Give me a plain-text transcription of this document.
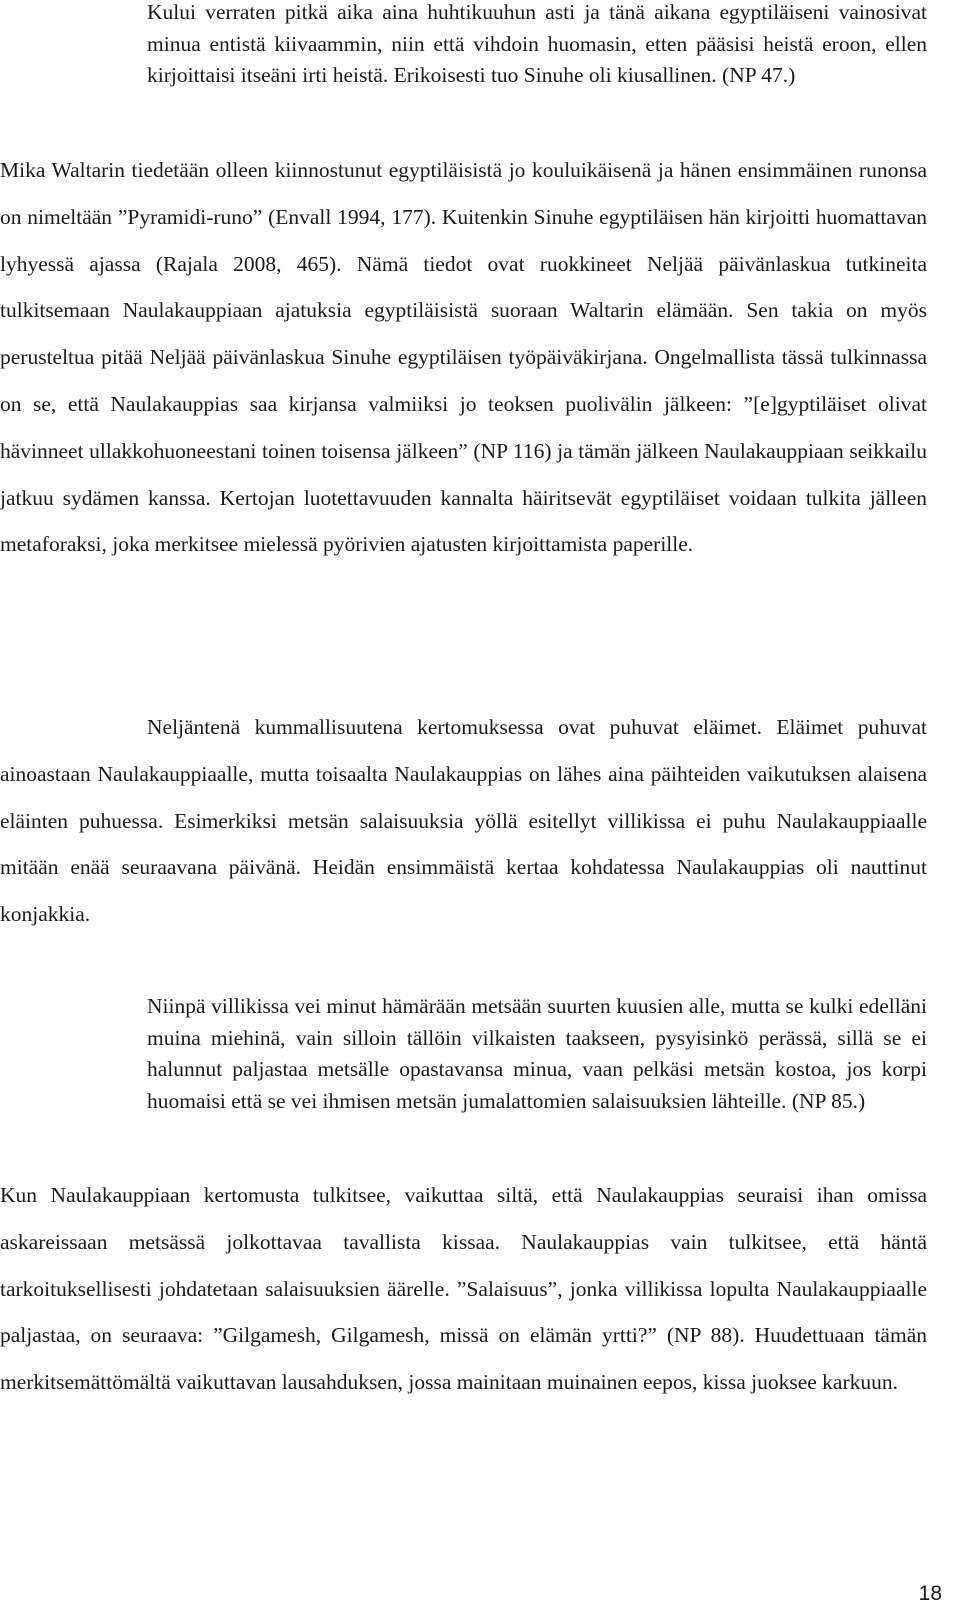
Kului verraten pitkä aika aina huhtikuuhun asti ja tänä aikana egyptiläiseni vainosivat minua entistä kiivaammin, niin että vihdoin huomasin, etten pääsisi heistä eroon, ellen kirjoittaisi itseäni irti heistä. Erikoisesti tuo Sinuhe oli kiusallinen. (NP 47.)

Mika Waltarin tiedetään olleen kiinnostunut egyptiläisistä jo kouluikäisenä ja hänen ensimmäinen runonsa on nimeltään ”Pyramidi-runo” (Envall 1994, 177). Kuitenkin Sinuhe egyptiläisen hän kirjoitti huomattavan lyhyessä ajassa (Rajala 2008, 465). Nämä tiedot ovat ruokkineet Neljää päivänlaskua tutkineita tulkitsemaan Naulakauppiaan ajatuksia egyptiläisistä suoraan Waltarin elämään. Sen takia on myös perusteltua pitää Neljää päivänlaskua Sinuhe egyptiläisen työpäiväkirjana. Ongelmallista tässä tulkinnassa on se, että Naulakauppias saa kirjansa valmiiksi jo teoksen puolivälin jälkeen: ”[e]gyptiläiset olivat hävinneet ullakkohuoneestani toinen toisensa jälkeen” (NP 116) ja tämän jälkeen Naulakauppiaan seikkailu jatkuu sydämen kanssa. Kertojan luotettavuuden kannalta häiritsevät egyptiläiset voidaan tulkita jälleen metaforaksi, joka merkitsee mielessä pyörivien ajatusten kirjoittamista paperille.

Neljäntenä kummallisuutena kertomuksessa ovat puhuvat eläimet. Eläimet puhuvat ainoastaan Naulakauppiaalle, mutta toisaalta Naulakauppias on lähes aina päihteiden vaikutuksen alaisena eläinten puhuessa. Esimerkiksi metsän salaisuuksia yöllä esitellyt villikissa ei puhu Naulakauppiaalle mitään enää seuraavana päivänä. Heidän ensimmäistä kertaa kohdatessa Naulakauppias oli nauttinut konjakkia.

Niinpä villikissa vei minut hämärään metsään suurten kuusien alle, mutta se kulki edelläni muina miehinä, vain silloin tällöin vilkaisten taakseen, pysyisinkö perässä, sillä se ei halunnut paljastaa metsälle opastavansa minua, vaan pelkäsi metsän kostoa, jos korpi huomaisi että se vei ihmisen metsän jumalattomien salaisuuksien lähteille. (NP 85.)

Kun Naulakauppiaan kertomusta tulkitsee, vaikuttaa siltä, että Naulakauppias seuraisi ihan omissa askareissaan metsässä jolkottavaa tavallista kissaa. Naulakauppias vain tulkitsee, että häntä tarkoituksellisesti johdatetaan salaisuuksien äärelle. ”Salaisuus”, jonka villikissa lopulta Naulakauppiaalle paljastaa, on seuraava: ”Gilgamesh, Gilgamesh, missä on elämän yrtti?” (NP 88). Huudettuaan tämän merkitsemättömältä vaikuttavan lausahduksen, jossa mainitaan muinainen eepos, kissa juoksee karkuun.

18
